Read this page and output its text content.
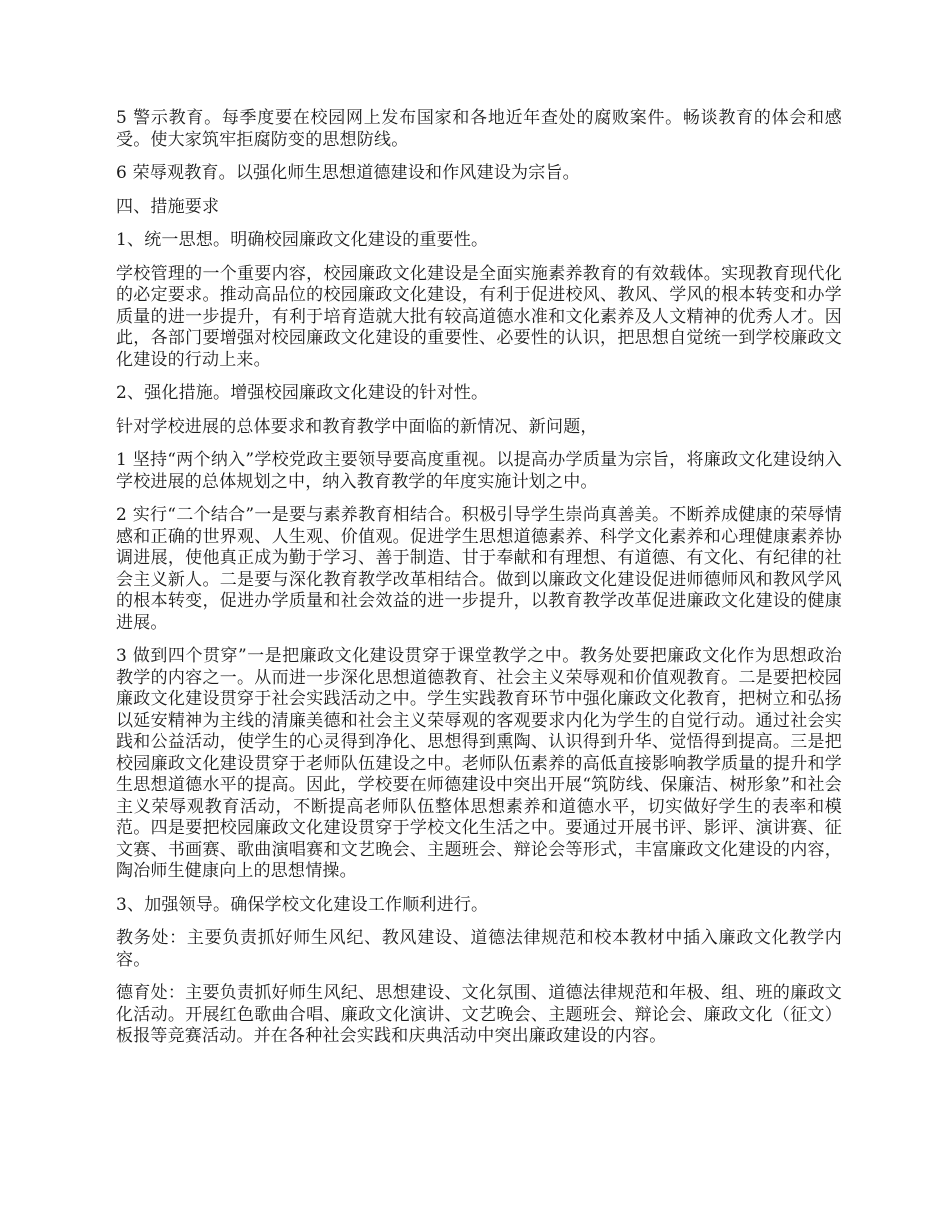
5 警示教育。每季度要在校园网上发布国家和各地近年查处的腐败案件。畅谈教育的体会和感受。使大家筑牢拒腐防变的思想防线。

6 荣辱观教育。以强化师生思想道德建设和作风建设为宗旨。

四、措施要求

1、统一思想。明确校园廉政文化建设的重要性。

学校管理的一个重要内容，校园廉政文化建设是全面实施素养教育的有效载体。实现教育现代化的必定要求。推动高品位的校园廉政文化建设，有利于促进校风、教风、学风的根本转变和办学质量的进一步提升，有利于培育造就大批有较高道德水准和文化素养及人文精神的优秀人才。因此，各部门要增强对校园廉政文化建设的重要性、必要性的认识，把思想自觉统一到学校廉政文化建设的行动上来。

2、强化措施。增强校园廉政文化建设的针对性。

针对学校进展的总体要求和教育教学中面临的新情况、新问题，

1 坚持“两个纳入”学校党政主要领导要高度重视。以提高办学质量为宗旨，将廉政文化建设纳入学校进展的总体规划之中，纳入教育教学的年度实施计划之中。

2 实行“二个结合”一是要与素养教育相结合。积极引导学生崇尚真善美。不断养成健康的荣辱情感和正确的世界观、人生观、价值观。促进学生思想道德素养、科学文化素养和心理健康素养协调进展，使他真正成为勤于学习、善于制造、甘于奉献和有理想、有道德、有文化、有纪律的社会主义新人。二是要与深化教育教学改革相结合。做到以廉政文化建设促进师德师风和教风学风的根本转变，促进办学质量和社会效益的进一步提升，以教育教学改革促进廉政文化建设的健康进展。

3 做到四个贯穿”一是把廉政文化建设贯穿于课堂教学之中。教务处要把廉政文化作为思想政治教学的内容之一。从而进一步深化思想道德教育、社会主义荣辱观和价值观教育。二是要把校园廉政文化建设贯穿于社会实践活动之中。学生实践教育环节中强化廉政文化教育，把树立和弘扬以延安精神为主线的清廉美德和社会主义荣辱观的客观要求内化为学生的自觉行动。通过社会实践和公益活动，使学生的心灵得到净化、思想得到熏陶、认识得到升华、觉悟得到提高。三是把校园廉政文化建设贯穿于老师队伍建设之中。老师队伍素养的高低直接影响教学质量的提升和学生思想道德水平的提高。因此，学校要在师德建设中突出开展“筑防线、保廉洁、树形象”和社会主义荣辱观教育活动，不断提高老师队伍整体思想素养和道德水平，切实做好学生的表率和模范。四是要把校园廉政文化建设贯穿于学校文化生活之中。要通过开展书评、影评、演讲赛、征文赛、书画赛、歌曲演唱赛和文艺晚会、主题班会、辩论会等形式，丰富廉政文化建设的内容，陶冶师生健康向上的思想情操。

3、加强领导。确保学校文化建设工作顺利进行。

教务处：主要负责抓好师生风纪、教风建设、道德法律规范和校本教材中插入廉政文化教学内容。

德育处：主要负责抓好师生风纪、思想建设、文化氛围、道德法律规范和年极、组、班的廉政文化活动。开展红色歌曲合唱、廉政文化演讲、文艺晚会、主题班会、辩论会、廉政文化（征文）板报等竞赛活动。并在各种社会实践和庆典活动中突出廉政建设的内容。
